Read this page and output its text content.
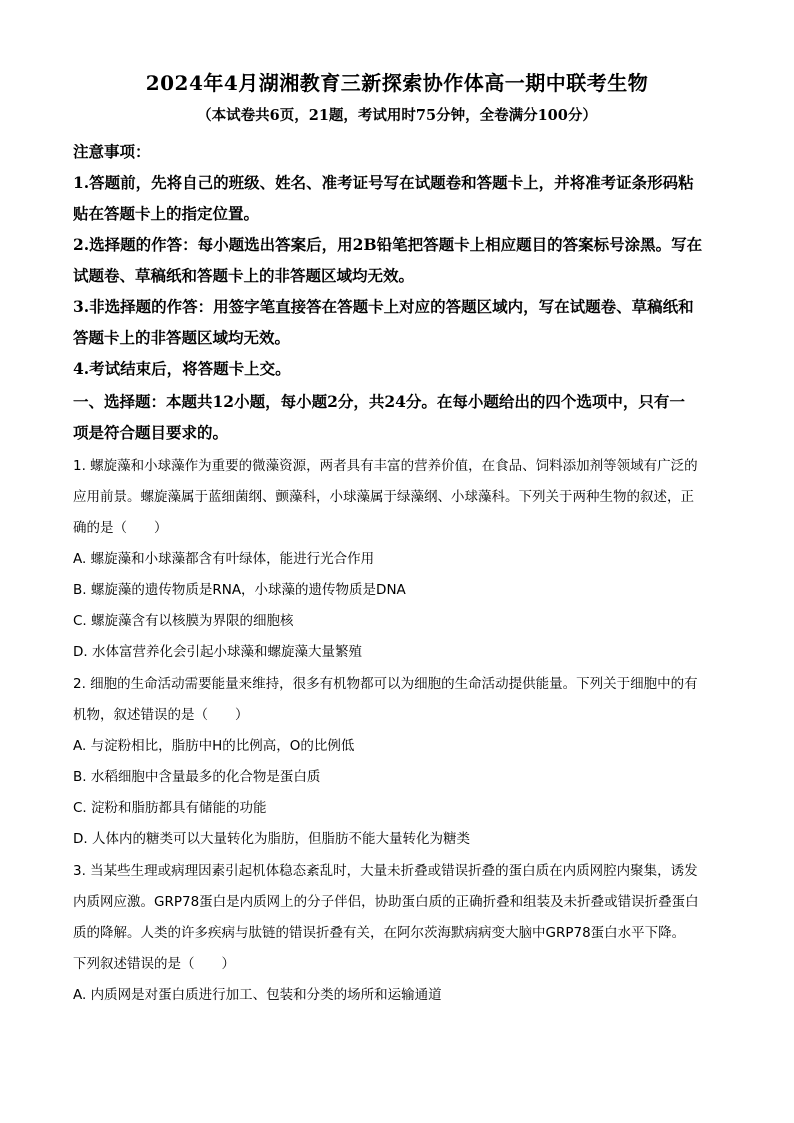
2024年4月湖湘教育三新探索协作体高一期中联考生物
（本试卷共6页，21题，考试用时75分钟，全卷满分100分）
注意事项：
1.答题前，先将自己的班级、姓名、准考证号写在试题卷和答题卡上，并将准考证条形码粘
贴在答题卡上的指定位置。
2.选择题的作答：每小题选出答案后，用2B铅笔把答题卡上相应题目的答案标号涂黑。写在
试题卷、草稿纸和答题卡上的非答题区域均无效。
3.非选择题的作答：用签字笔直接答在答题卡上对应的答题区域内，写在试题卷、草稿纸和
答题卡上的非答题区域均无效。
4.考试结束后，将答题卡上交。
一、选择题：本题共12小题，每小题2分，共24分。在每小题给出的四个选项中，只有一
项是符合题目要求的。
1. 螺旋藻和小球藻作为重要的微藻资源，两者具有丰富的营养价值，在食品、饲料添加剂等领域有广泛的
应用前景。螺旋藻属于蓝细菌纲、颤藻科，小球藻属于绿藻纲、小球藻科。下列关于两种生物的叙述，正
确的是（　　）
A. 螺旋藻和小球藻都含有叶绿体，能进行光合作用
B. 螺旋藻的遗传物质是RNA，小球藻的遗传物质是DNA
C. 螺旋藻含有以核膜为界限的细胞核
D. 水体富营养化会引起小球藻和螺旋藻大量繁殖
2. 细胞的生命活动需要能量来维持，很多有机物都可以为细胞的生命活动提供能量。下列关于细胞中的有
机物，叙述错误的是（　　）
A. 与淀粉相比，脂肪中H的比例高，O的比例低
B. 水稻细胞中含量最多的化合物是蛋白质
C. 淀粉和脂肪都具有储能的功能
D. 人体内的糖类可以大量转化为脂肪，但脂肪不能大量转化为糖类
3. 当某些生理或病理因素引起机体稳态紊乱时，大量未折叠或错误折叠的蛋白质在内质网腔内聚集，诱发
内质网应激。GRP78蛋白是内质网上的分子伴侣，协助蛋白质的正确折叠和组装及未折叠或错误折叠蛋白
质的降解。人类的许多疾病与肽链的错误折叠有关，在阿尔茨海默病病变大脑中GRP78蛋白水平下降。
下列叙述错误的是（　　）
A. 内质网是对蛋白质进行加工、包装和分类的场所和运输通道
